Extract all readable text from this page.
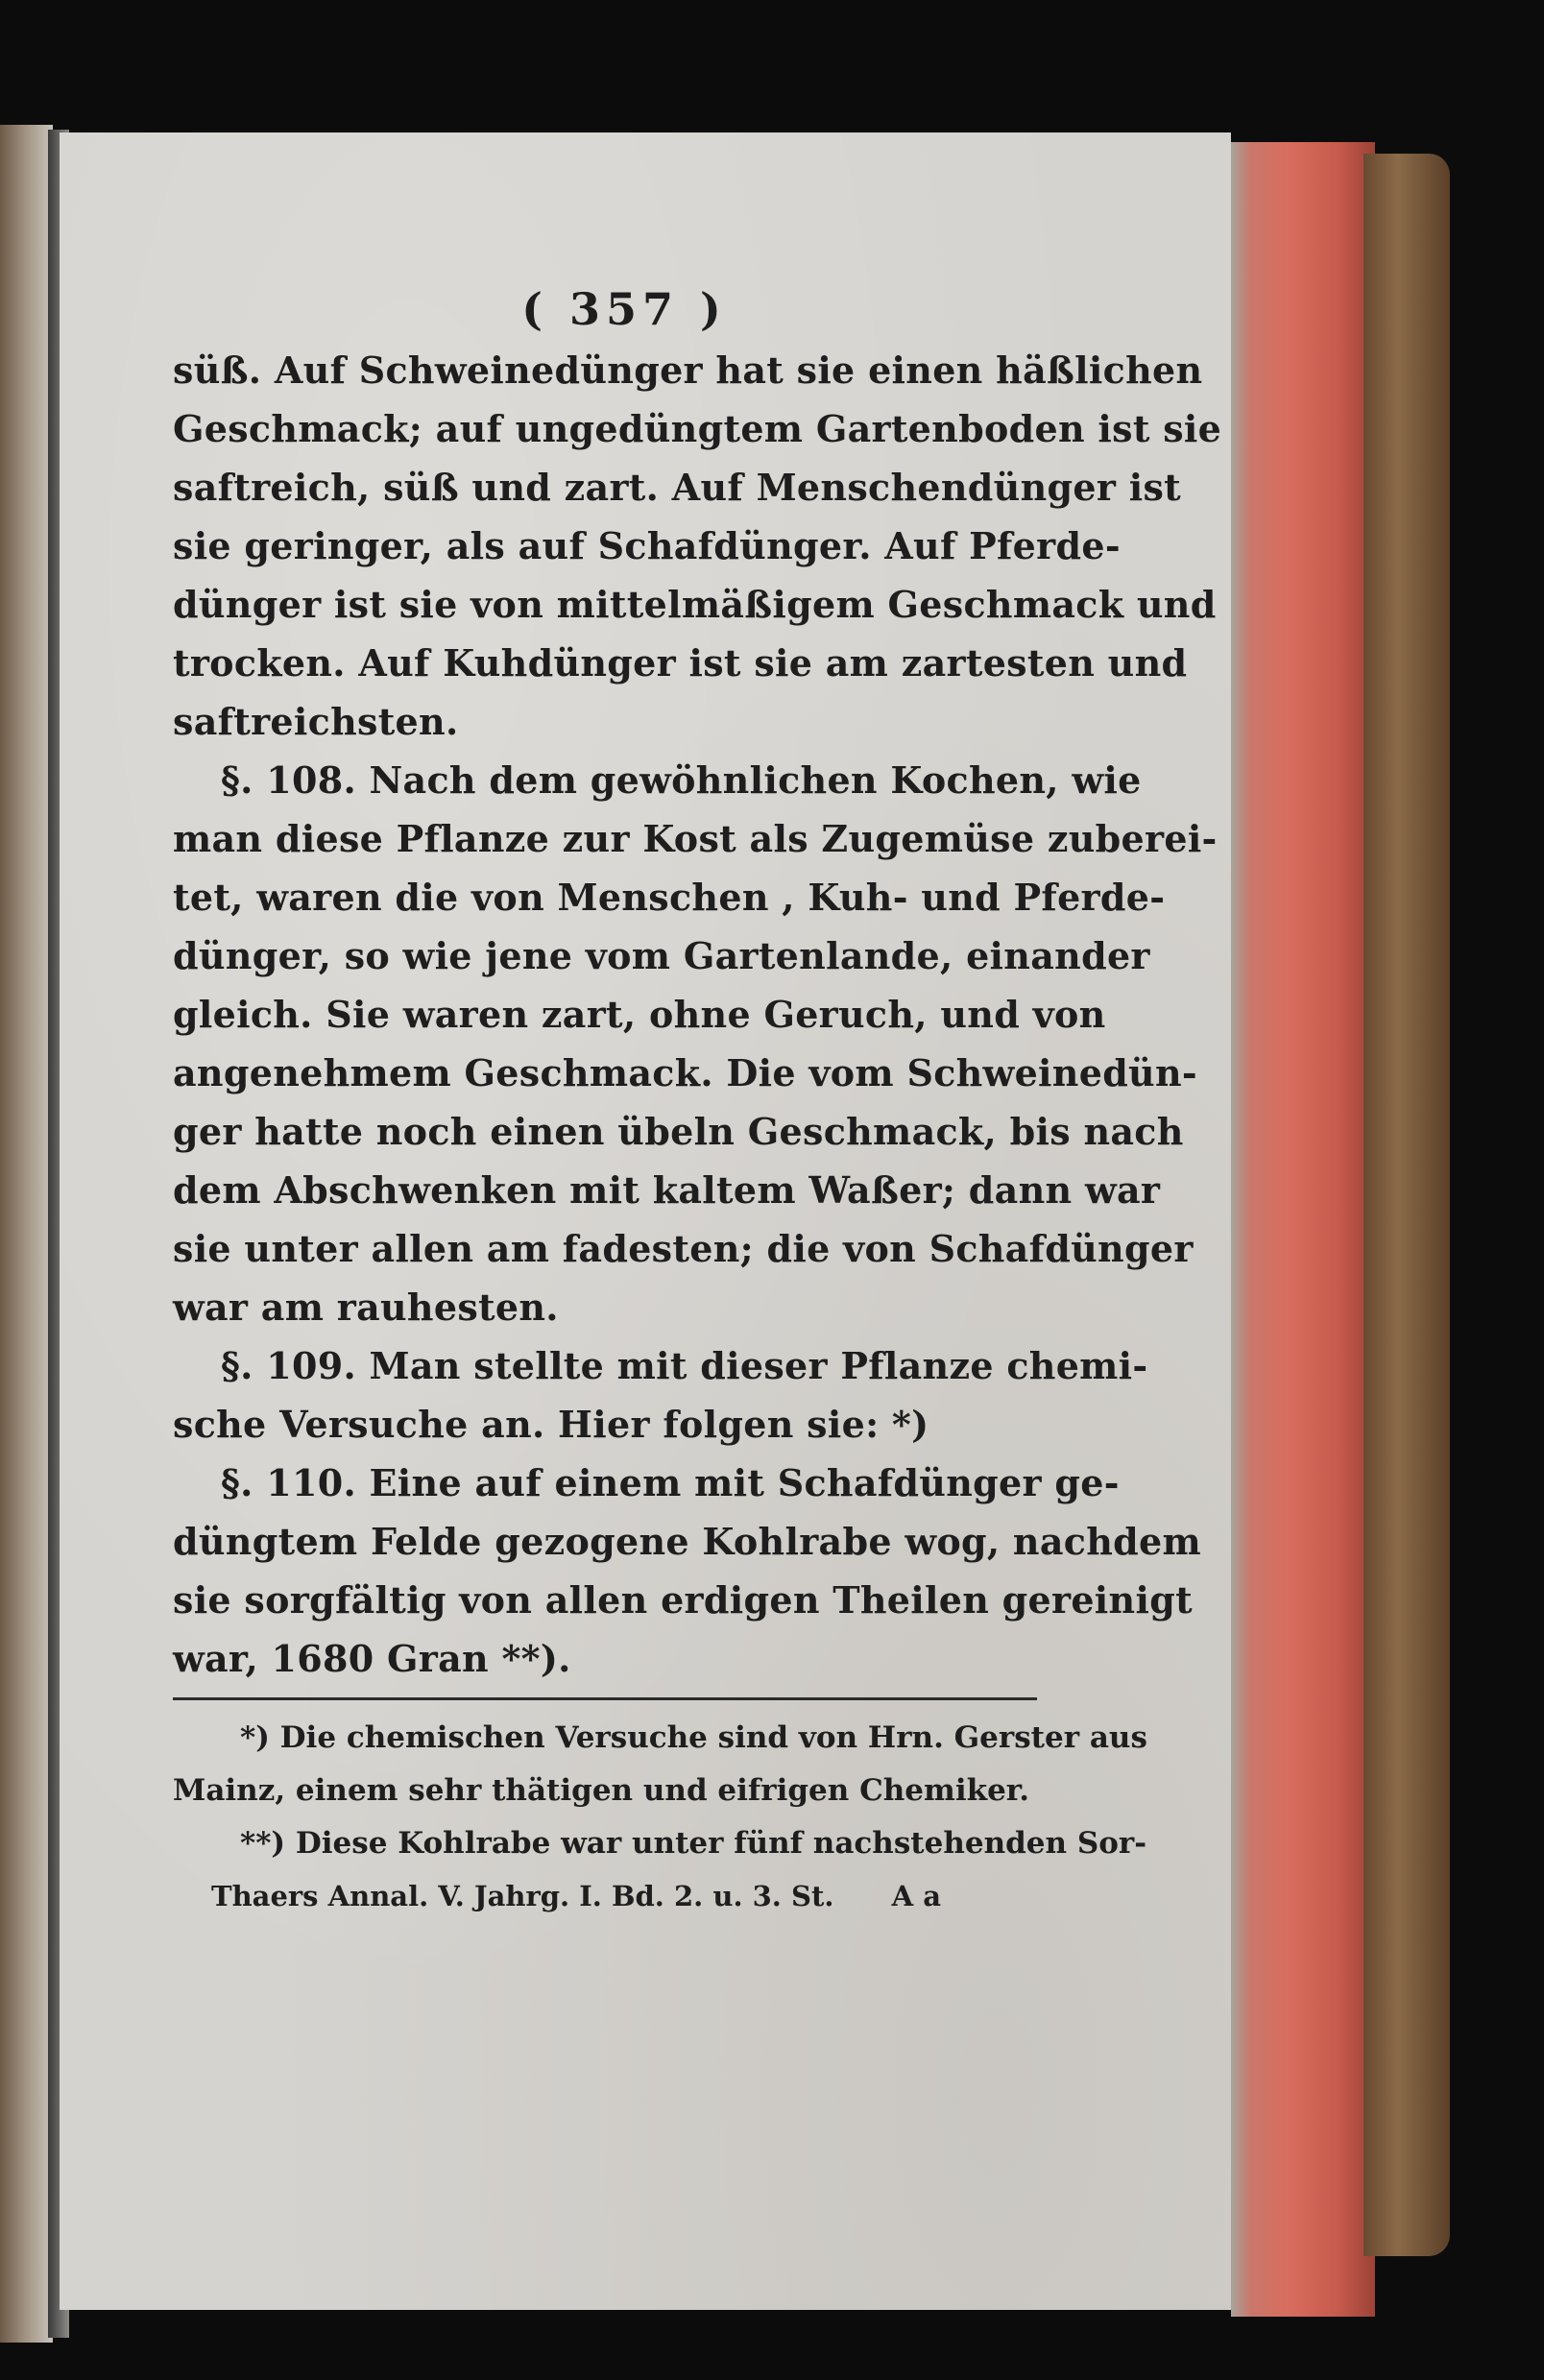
( 357 )
süß. Auf Schweinedünger hat sie einen häßlichen
Geschmack; auf ungedüngtem Gartenboden ist sie
saftreich, süß und zart. Auf Menschendünger ist
sie geringer, als auf Schafdünger. Auf Pferde-
dünger ist sie von mittelmäßigem Geschmack und
trocken. Auf Kuhdünger ist sie am zartesten und
saftreichsten.
§. 108. Nach dem gewöhnlichen Kochen, wie
man diese Pflanze zur Kost als Zugemüse zuberei-
tet, waren die von Menschen , Kuh- und Pferde-
dünger, so wie jene vom Gartenlande, einander
gleich. Sie waren zart, ohne Geruch, und von
angenehmem Geschmack. Die vom Schweinedün-
ger hatte noch einen übeln Geschmack, bis nach
dem Abschwenken mit kaltem Waßer; dann war
sie unter allen am fadesten; die von Schafdünger
war am rauhesten.
§. 109. Man stellte mit dieser Pflanze chemi-
sche Versuche an. Hier folgen sie: *)
§. 110. Eine auf einem mit Schafdünger ge-
düngtem Felde gezogene Kohlrabe wog, nachdem
sie sorgfältig von allen erdigen Theilen gereinigt
war, 1680 Gran **).
*) Die chemischen Versuche sind von Hrn. Gerster aus
Mainz, einem sehr thätigen und eifrigen Chemiker.
**) Diese Kohlrabe war unter fünf nachstehenden Sor-
Thaers Annal. V. Jahrg. I. Bd. 2. u. 3. St. A a
